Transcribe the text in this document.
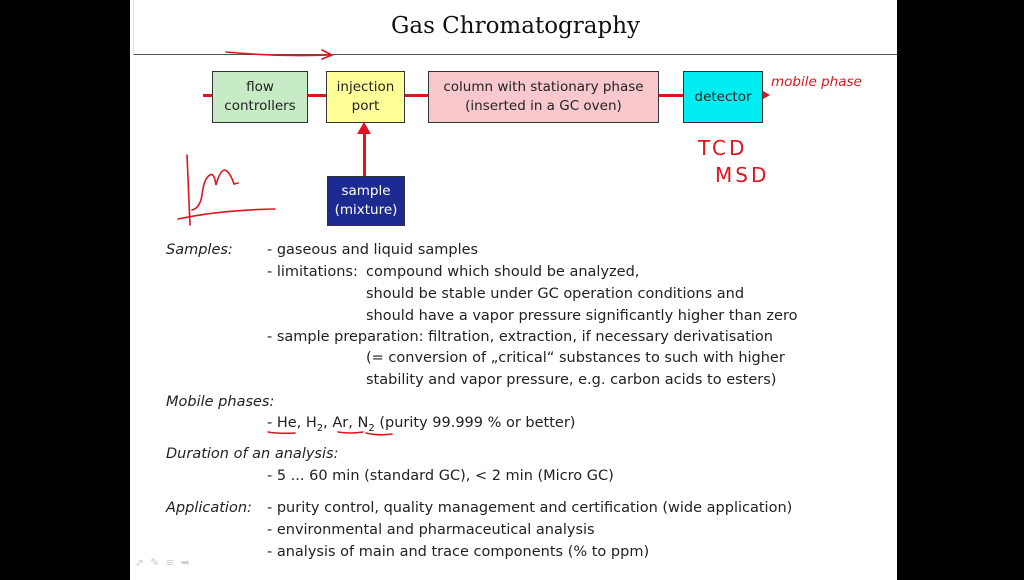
Gas Chromatography
mobile phase
flow
controllers
injection
port
column with stationary phase
(inserted in a GC oven)
detector
sample
(mixture)
Samples: - gaseous and liquid samples
- limitations: compound which should be analyzed,
should be stable under GC operation conditions and
should have a vapor pressure significantly higher than zero
- sample preparation: filtration, extraction, if necessary derivatisation
(= conversion of „critical“ substances to such with higher
stability and vapor pressure, e.g. carbon acids to esters)
Mobile phases:
- He, $H_2$, Ar, $N_2$ (purity 99.999 % or better)
Duration of an analysis:
- 5 ... 60 min (standard GC), < 2 min (Micro GC)
Application: - purity control, quality management and certification (wide application)
- environmental and pharmaceutical analysis
- analysis of main and trace components (% to ppm)
TCD
MSD
➚ ✎ ≡ ➥
